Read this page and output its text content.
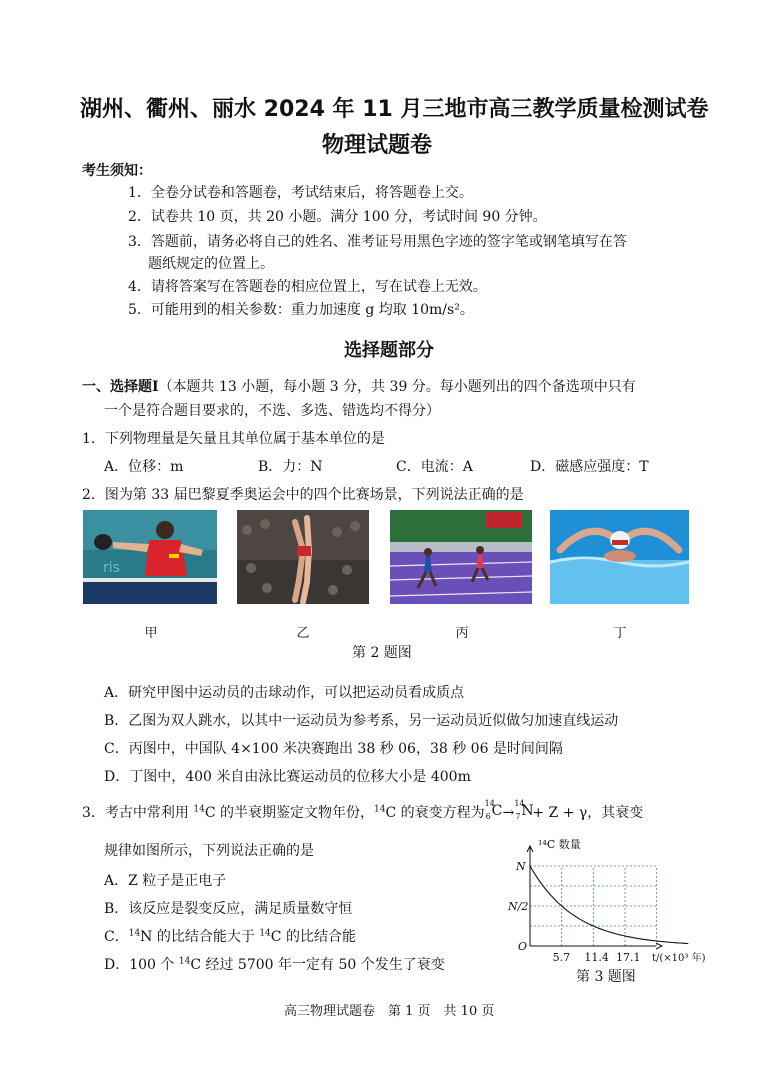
湖州、衢州、丽水 2024 年 11 月三地市高三教学质量检测试卷
物理试题卷
考生须知：
1．全卷分试卷和答题卷，考试结束后，将答题卷上交。
2．试卷共 10 页，共 20 小题。满分 100 分，考试时间 90 分钟。
3．答题前，请务必将自己的姓名、准考证号用黑色字迹的签字笔或钢笔填写在答
题纸规定的位置上。
4．请将答案写在答题卷的相应位置上，写在试卷上无效。
5．可能用到的相关参数：重力加速度 g 均取 10m/s²。
选择题部分
一、选择题Ⅰ（本题共 13 小题，每小题 3 分，共 39 分。每小题列出的四个备选项中只有
一个是符合题目要求的，不选、多选、错选均不得分）
1．下列物理量是矢量且其单位属于基本单位的是
A．位移：m	B．力：N	C．电流：A	D．磁感应强度：T
2．图为第 33 届巴黎夏季奥运会中的四个比赛场景，下列说法正确的是
ris
甲	乙	丙	丁
第 2 题图
A．研究甲图中运动员的击球动作，可以把运动员看成质点
B．乙图为双人跳水，以其中一运动员为参考系，另一运动员近似做匀加速直线运动
C．丙图中，中国队 4×100 米决赛跑出 38 秒 06，38 秒 06 是时间间隔
D．丁图中，400 米自由泳比赛运动员的位移大小是 400m
3．考古中常利用 $^{14}$C 的半衰期鉴定文物年份，$^{14}$C 的衰变方程为
14
6 C →
14
7 N
+ Z + γ，其衰变
规律如图所示，下列说法正确的是
A．Z 粒子是正电子
B．该反应是裂变反应，满足质量数守恒
C．$^{14}$N 的比结合能大于 $^{14}$C 的比结合能
D．100 个 $^{14}$C 经过 5700 年一定有 50 个发生了衰变
¹⁴C 数量
N
N/2
O
5.7 11.4 17.1 t/(×10³ 年)
第 3 题图
高三物理试题卷　第 1 页　共 10 页
